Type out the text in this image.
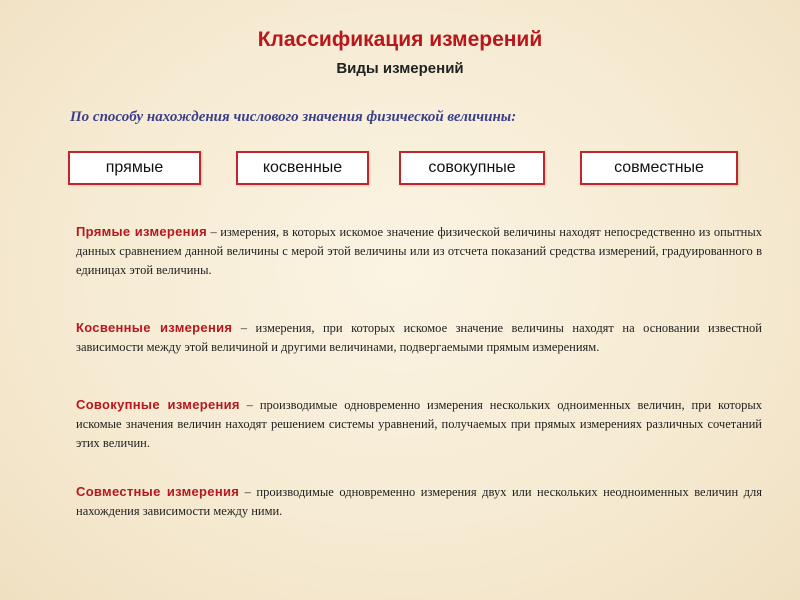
Классификация измерений
Виды измерений

По способу нахождения числового значения физической величины:

прямые	косвенные	совокупные	совместные

Прямые измерения – измерения, в которых искомое значение физической величины находят непосредственно из опытных данных сравнением данной величины с мерой этой величины или из отсчета показаний средства измерений, градуированного в единицах этой величины.

Косвенные измерения – измерения, при которых искомое значение величины находят на основании известной зависимости между этой величиной и другими величинами, подвергаемыми прямым измерениям.

Совокупные измерения – производимые одновременно измерения нескольких одноименных величин, при которых искомые значения величин находят решением системы уравнений, получаемых при прямых измерениях различных сочетаний этих величин.

Совместные измерения – производимые одновременно измерения двух или нескольких неодноименных величин для нахождения зависимости между ними.
